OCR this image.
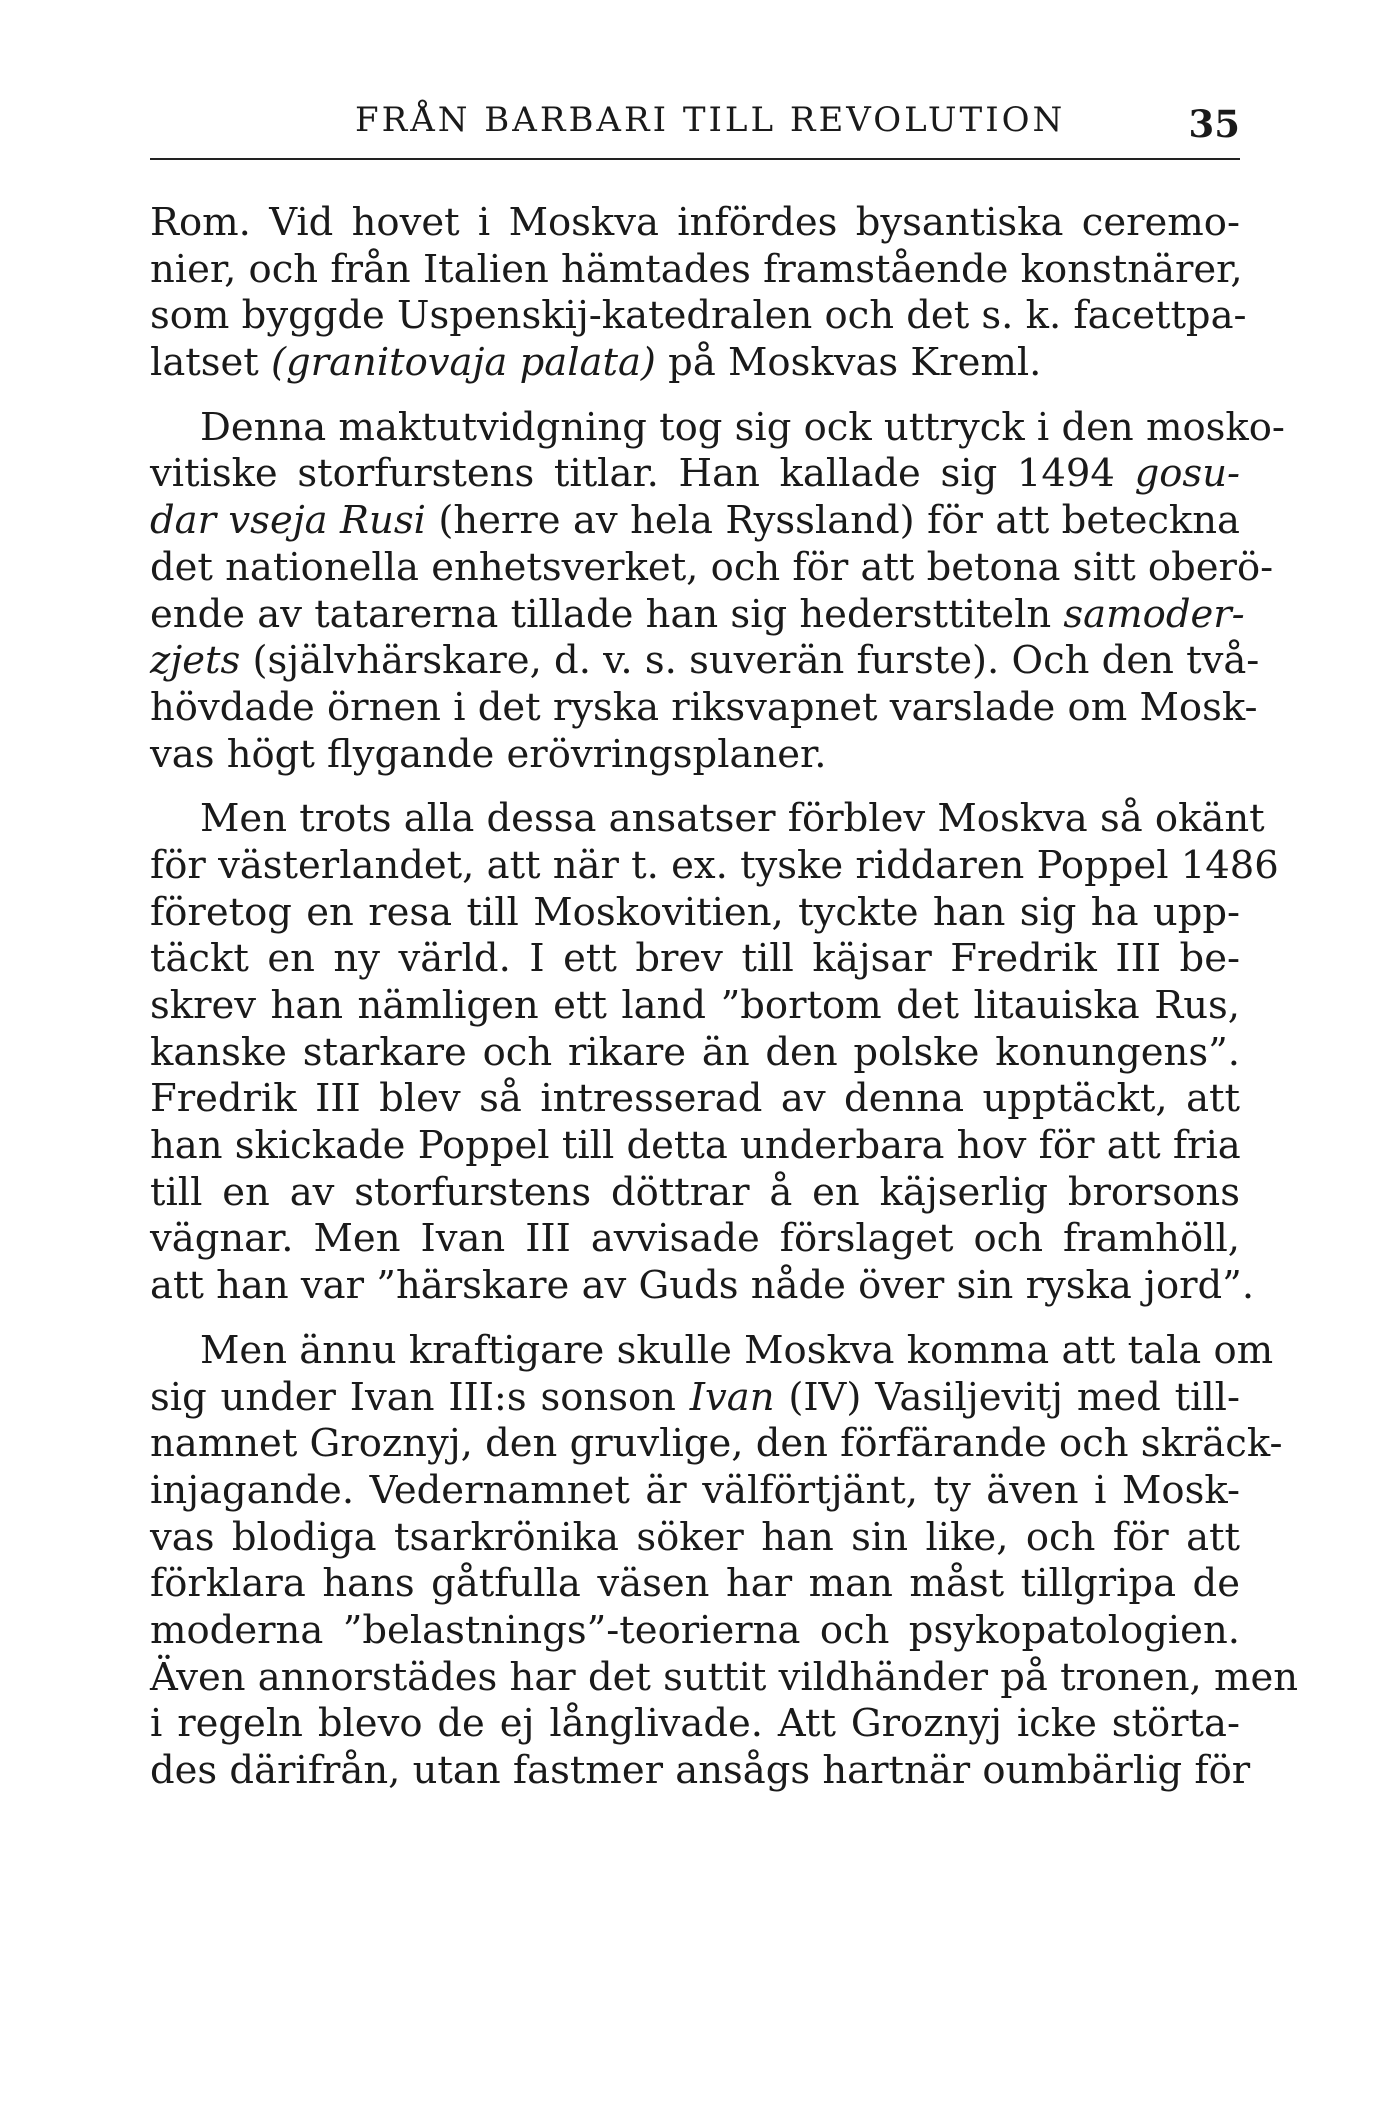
FRÅN BARBARI TILL REVOLUTION	35
Rom. Vid hovet i Moskva infördes bysantiska ceremo-
nier, och från Italien hämtades framstående konstnärer,
som byggde Uspenskij-katedralen och det s. k. facettpa-
latset (granitovaja palata) på Moskvas Kreml.
Denna maktutvidgning tog sig ock uttryck i den mosko-
vitiske storfurstens titlar. Han kallade sig 1494 gosu-
dar vseja Rusi (herre av hela Ryssland) för att beteckna
det nationella enhetsverket, och för att betona sitt oberö-
ende av tatarerna tillade han sig hedersttiteln samoder-
zjets (självhärskare, d. v. s. suverän furste). Och den två-
hövdade örnen i det ryska riksvapnet varslade om Mosk-
vas högt flygande erövringsplaner.
Men trots alla dessa ansatser förblev Moskva så okänt
för västerlandet, att när t. ex. tyske riddaren Poppel 1486
företog en resa till Moskovitien, tyckte han sig ha upp-
täckt en ny värld. I ett brev till käjsar Fredrik III be-
skrev han nämligen ett land ”bortom det litauiska Rus,
kanske starkare och rikare än den polske konungens”.
Fredrik III blev så intresserad av denna upptäckt, att
han skickade Poppel till detta underbara hov för att fria
till en av storfurstens döttrar å en käjserlig brorsons
vägnar. Men Ivan III avvisade förslaget och framhöll,
att han var ”härskare av Guds nåde över sin ryska jord”.
Men ännu kraftigare skulle Moskva komma att tala om
sig under Ivan III:s sonson Ivan (IV) Vasiljevitj med till-
namnet Groznyj, den gruvlige, den förfärande och skräck-
injagande. Vedernamnet är välförtjänt, ty även i Mosk-
vas blodiga tsarkrönika söker han sin like, och för att
förklara hans gåtfulla väsen har man måst tillgripa de
moderna ”belastnings”-teorierna och psykopatologien.
Även annorstädes har det suttit vildhänder på tronen, men
i regeln blevo de ej långlivade. Att Groznyj icke störta-
des därifrån, utan fastmer ansågs hartnär oumbärlig för
